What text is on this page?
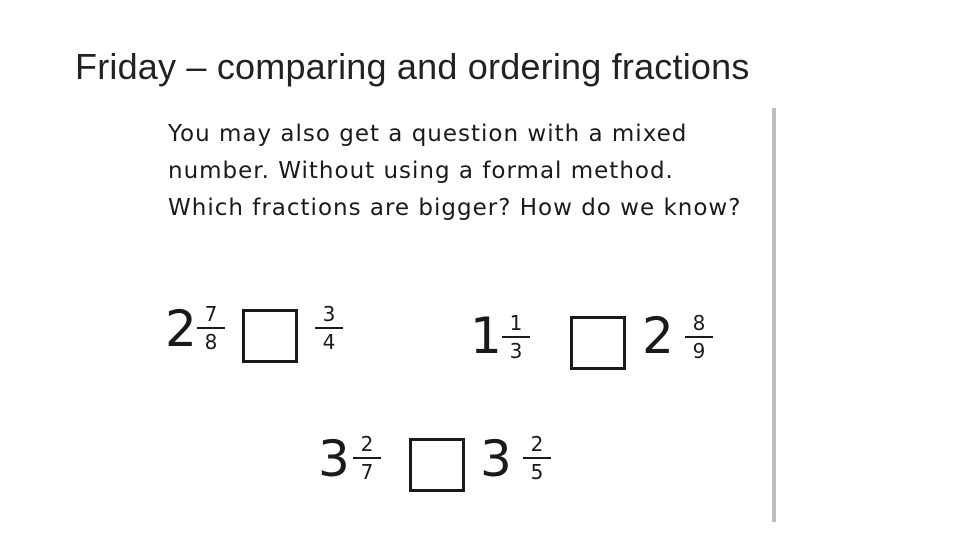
Friday – comparing and ordering fractions
You may also get a question with a mixed
number. Without using a formal method.
Which fractions are bigger? How do we know?
2 7
8
3
4	1 1
3 2 8
9
3 2
7 3 2
5
